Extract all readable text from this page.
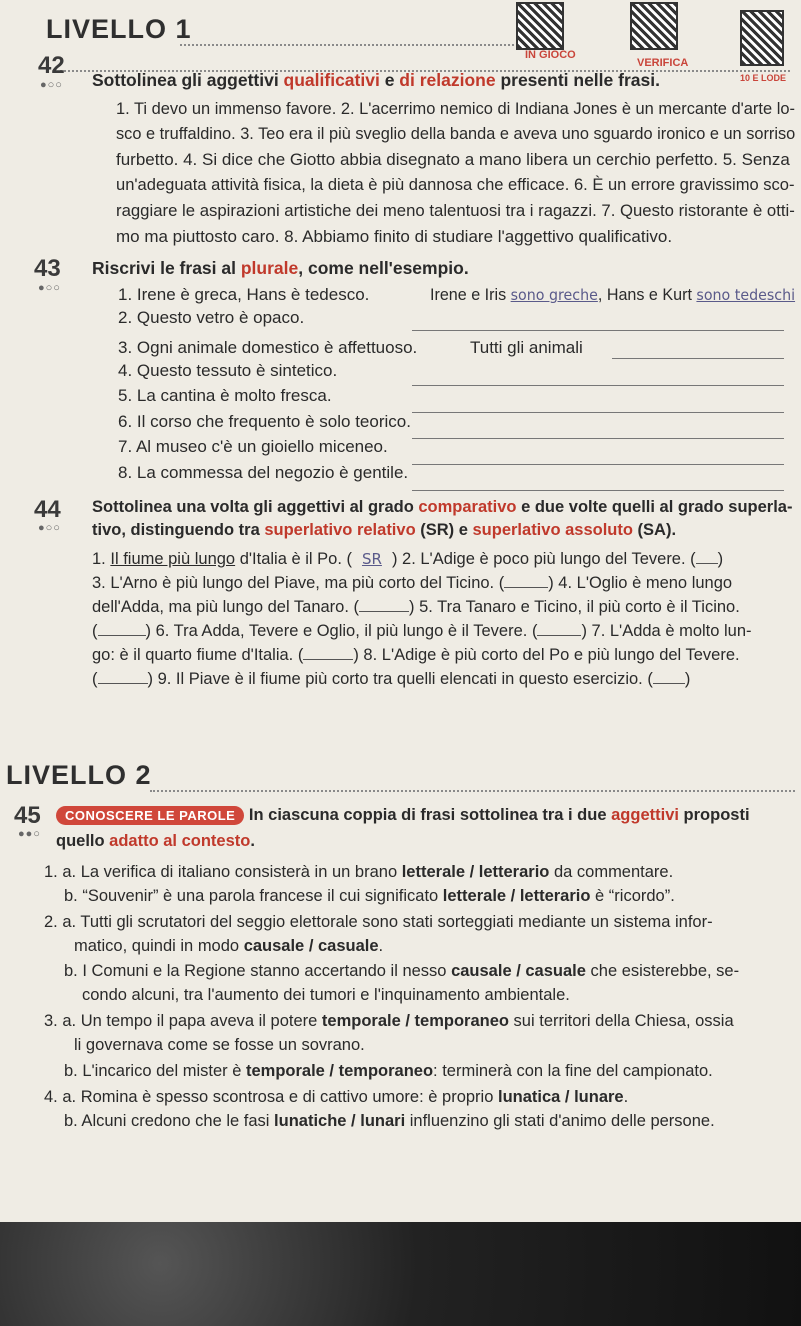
LIVELLO 1
IN GIOCO
VERIFICA
10 E LODE
42
●○○ Sottolinea gli aggettivi qualificativi e di relazione presenti nelle frasi.
1. Ti devo un immenso favore. 2. L'acerrimo nemico di Indiana Jones è un mercante d'arte lo-
sco e truffaldino. 3. Teo era il più sveglio della banda e aveva uno sguardo ironico e un sorriso
furbetto. 4. Si dice che Giotto abbia disegnato a mano libera un cerchio perfetto. 5. Senza
un'adeguata attività fisica, la dieta è più dannosa che efficace. 6. È un errore gravissimo sco-
raggiare le aspirazioni artistiche dei meno talentuosi tra i ragazzi. 7. Questo ristorante è otti-
mo ma piuttosto caro. 8. Abbiamo finito di studiare l'aggettivo qualificativo.
43
●○○
Riscrivi le frasi al plurale, come nell'esempio.
1. Irene è greca, Hans è tedesco.	Irene e Iris sono greche, Hans e Kurt sono tedeschi
2. Questo vetro è opaco.
3. Ogni animale domestico è affettuoso.	Tutti gli animali
4. Questo tessuto è sintetico.
5. La cantina è molto fresca.
6. Il corso che frequento è solo teorico.
7. Al museo c'è un gioiello miceneo.
8. La commessa del negozio è gentile.
44
●○○
Sottolinea una volta gli aggettivi al grado comparativo e due volte quelli al grado superla-
tivo, distinguendo tra superlativo relativo (SR) e superlativo assoluto (SA).
1. Il fiume più lungo d'Italia è il Po. ( SR ) 2. L'Adige è poco più lungo del Tevere. ( )
3. L'Arno è più lungo del Piave, ma più corto del Ticino. (	) 4. L'Oglio è meno lungo
dell'Adda, ma più lungo del Tanaro. (	) 5. Tra Tanaro e Ticino, il più corto è il Ticino.
(	) 6. Tra Adda, Tevere e Oglio, il più lungo è il Tevere. (	) 7. L'Adda è molto lun-
go: è il quarto fiume d'Italia. (	) 8. L'Adige è più corto del Po e più lungo del Tevere.
(	) 9. Il Piave è il fiume più corto tra quelli elencati in questo esercizio. ( )
LIVELLO 2
45
●●○
CONOSCERE LE PAROLE In ciascuna coppia di frasi sottolinea tra i due aggettivi proposti
quello adatto al contesto.
1. a. La verifica di italiano consisterà in un brano letterale / letterario da commentare.
b. “Souvenir” è una parola francese il cui significato letterale / letterario è “ricordo”.
2. a. Tutti gli scrutatori del seggio elettorale sono stati sorteggiati mediante un sistema infor-
matico, quindi in modo causale / casuale.
b. I Comuni e la Regione stanno accertando il nesso causale / casuale che esisterebbe, se-
condo alcuni, tra l'aumento dei tumori e l'inquinamento ambientale.
3. a. Un tempo il papa aveva il potere temporale / temporaneo sui territori della Chiesa, ossia
li governava come se fosse un sovrano.
b. L'incarico del mister è temporale / temporaneo: terminerà con la fine del campionato.
4. a. Romina è spesso scontrosa e di cattivo umore: è proprio lunatica / lunare.
b. Alcuni credono che le fasi lunatiche / lunari influenzino gli stati d'animo delle persone.
